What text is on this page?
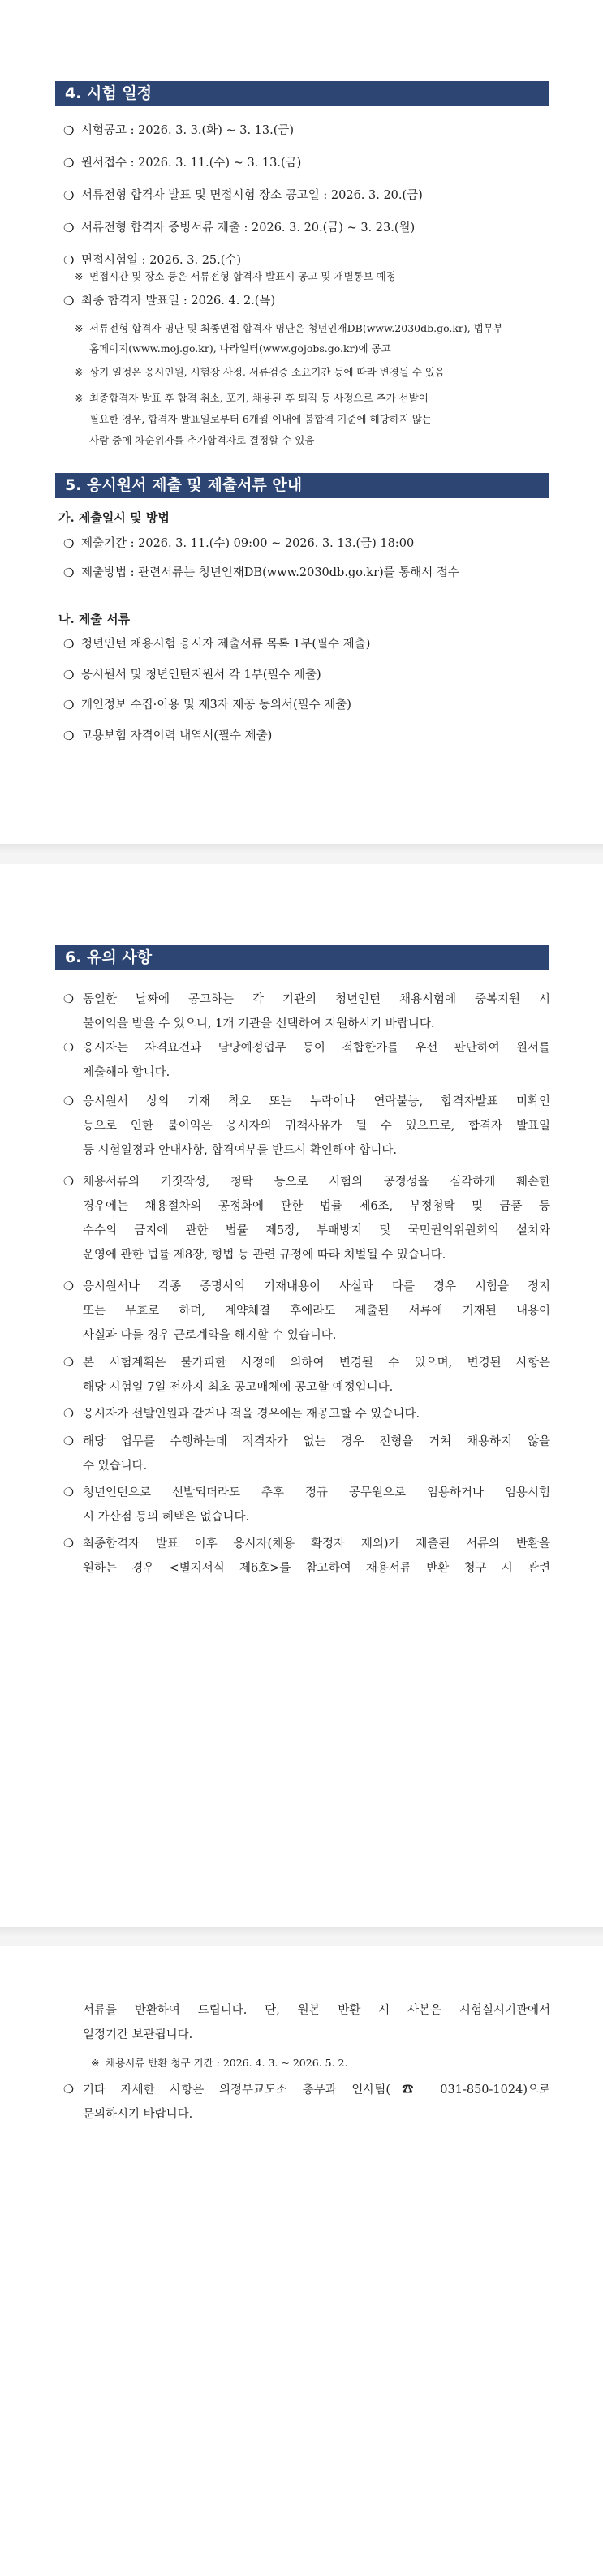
4. 시험 일정
❍ 시험공고 : 2026. 3. 3.(화) ~ 3. 13.(금)
❍ 원서접수 : 2026. 3. 11.(수) ~ 3. 13.(금)
❍ 서류전형 합격자 발표 및 면접시험 장소 공고일 : 2026. 3. 20.(금)
❍ 서류전형 합격자 증빙서류 제출 : 2026. 3. 20.(금) ~ 3. 23.(월)
❍ 면접시험일 : 2026. 3. 25.(수)
※ 면접시간 및 장소 등은 서류전형 합격자 발표시 공고 및 개별통보 예정
❍ 최종 합격자 발표일 : 2026. 4. 2.(목)
※ 서류전형 합격자 명단 및 최종면접 합격자 명단은 청년인재DB(www.2030db.go.kr), 법무부
홈페이지(www.moj.go.kr), 나라일터(www.gojobs.go.kr)에 공고
※ 상기 일정은 응시인원, 시험장 사정, 서류검증 소요기간 등에 따라 변경될 수 있음
※ 최종합격자 발표 후 합격 취소, 포기, 채용된 후 퇴직 등 사정으로 추가 선발이
필요한 경우, 합격자 발표일로부터 6개월 이내에 불합격 기준에 해당하지 않는
사람 중에 차순위자를 추가합격자로 결정할 수 있음
5. 응시원서 제출 및 제출서류 안내
가. 제출일시 및 방법
❍ 제출기간 : 2026. 3. 11.(수) 09:00 ~ 2026. 3. 13.(금) 18:00
❍ 제출방법 : 관련서류는 청년인재DB(www.2030db.go.kr)를 통해서 접수
나. 제출 서류
❍ 청년인턴 채용시험 응시자 제출서류 목록 1부(필수 제출)
❍ 응시원서 및 청년인턴지원서 각 1부(필수 제출)
❍ 개인정보 수집·이용 및 제3자 제공 동의서(필수 제출)
❍ 고용보험 자격이력 내역서(필수 제출)
6. 유의 사항
❍ 동일한 날짜에 공고하는 각 기관의 청년인턴 채용시험에 중복지원 시
불이익을 받을 수 있으니, 1개 기관을 선택하여 지원하시기 바랍니다.
❍ 응시자는 자격요건과 담당예정업무 등이 적합한가를 우선 판단하여 원서를
제출해야 합니다.
❍ 응시원서 상의 기재 착오 또는 누락이나 연락불능, 합격자발표 미확인
등으로 인한 불이익은 응시자의 귀책사유가 될 수 있으므로, 합격자 발표일
등 시험일정과 안내사항, 합격여부를 반드시 확인해야 합니다.
❍ 채용서류의 거짓작성, 청탁 등으로 시험의 공정성을 심각하게 훼손한
경우에는 채용절차의 공정화에 관한 법률 제6조, 부정청탁 및 금품 등
수수의 금지에 관한 법률 제5장, 부패방지 및 국민권익위원회의 설치와
운영에 관한 법률 제8장, 형법 등 관련 규정에 따라 처벌될 수 있습니다.
❍ 응시원서나 각종 증명서의 기재내용이 사실과 다를 경우 시험을 정지
또는 무효로 하며, 계약체결 후에라도 제출된 서류에 기재된 내용이
사실과 다를 경우 근로계약을 해지할 수 있습니다.
❍ 본 시험계획은 불가피한 사정에 의하여 변경될 수 있으며, 변경된 사항은
해당 시험일 7일 전까지 최초 공고매체에 공고할 예정입니다.
❍ 응시자가 선발인원과 같거나 적을 경우에는 재공고할 수 있습니다.
❍ 해당 업무를 수행하는데 적격자가 없는 경우 전형을 거쳐 채용하지 않을
수 있습니다.
❍ 청년인턴으로 선발되더라도 추후 정규 공무원으로 임용하거나 임용시험
시 가산점 등의 혜택은 없습니다.
❍ 최종합격자 발표 이후 응시자(채용 확정자 제외)가 제출된 서류의 반환을
원하는 경우 <별지서식 제6호>를 참고하여 채용서류 반환 청구 시 관련
서류를 반환하여 드립니다. 단, 원본 반환 시 사본은 시험실시기관에서
일정기간 보관됩니다.
※ 채용서류 반환 청구 기간 : 2026. 4. 3. ~ 2026. 5. 2.
❍ 기타 자세한 사항은 의정부교도소 총무과 인사팀(☎ 031-850-1024)으로
문의하시기 바랍니다.
